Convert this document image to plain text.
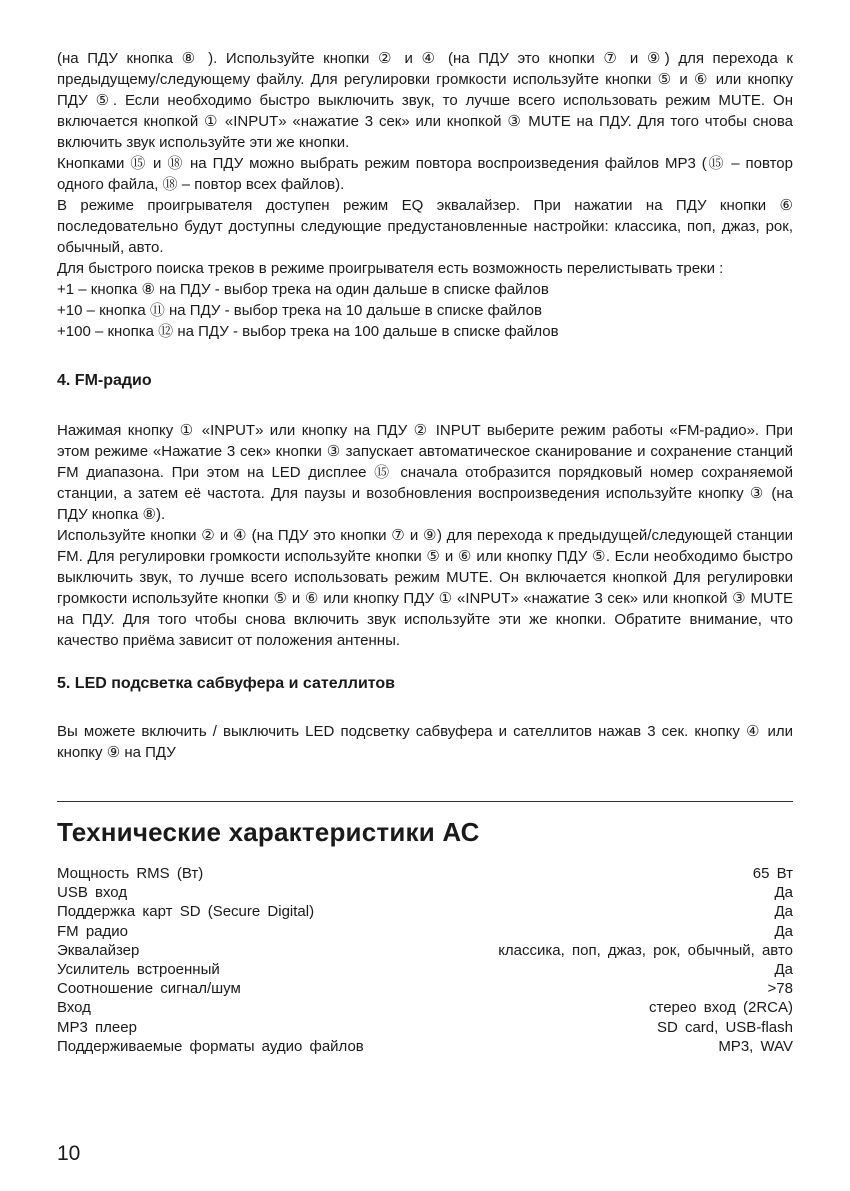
(на ПДУ кнопка ⑧ ). Используйте кнопки ② и ④ (на ПДУ это кнопки ⑦ и ⑨) для перехода к предыдущему/следующему файлу. Для регулировки громкости используйте кнопки ⑤ и ⑥ или кнопку ПДУ ⑤. Если необходимо быстро выключить звук, то лучше всего использовать режим MUTE. Он включается кнопкой ① «INPUT» «нажатие 3 сек» или кнопкой ③ MUTE на ПДУ. Для того чтобы снова включить звук используйте эти же кнопки.

Кнопками ⑮ и ⑱ на ПДУ можно выбрать режим повтора воспроизведения файлов MP3 (⑮ – повтор одного файла, ⑱ – повтор всех файлов).

В режиме проигрывателя доступен режим EQ эквалайзер. При нажатии на ПДУ кнопки ⑥ последовательно будут доступны следующие предустановленные настройки: классика, поп, джаз, рок, обычный, авто.

Для быстрого поиска треков в режиме проигрывателя есть возможность перелистывать треки :

+1 – кнопка ⑧ на ПДУ - выбор трека на один дальше в списке файлов
+10 – кнопка ⑪ на ПДУ - выбор трека на 10 дальше в списке файлов
+100 – кнопка ⑫ на ПДУ - выбор трека на 100 дальше в списке файлов
4. FM-радио

Нажимая кнопку ① «INPUT» или кнопку на ПДУ ② INPUT выберите режим работы «FM-радио». При этом режиме «Нажатие 3 сек» кнопки ③ запускает автоматическое сканирование и сохранение станций FM диапазона. При этом на LED дисплее ⑮ сначала отобразится порядковый номер сохраняемой станции, а затем её частота. Для паузы и возобновления воспроизведения используйте кнопку ③ (на ПДУ кнопка ⑧).

Используйте кнопки ② и ④ (на ПДУ это кнопки ⑦ и ⑨) для перехода к предыдущей/следующей станции FM. Для регулировки громкости используйте кнопки ⑤ и ⑥ или кнопку ПДУ ⑤. Если необходимо быстро выключить звук, то лучше всего использовать режим MUTE. Он включается кнопкой Для регулировки громкости используйте кнопки ⑤ и ⑥ или кнопку ПДУ ① «INPUT» «нажатие 3 сек» или кнопкой ③ MUTE на ПДУ. Для того чтобы снова включить звук используйте эти же кнопки. Обратите внимание, что качество приёма зависит от положения антенны.

5. LED подсветка сабвуфера и сателлитов

Вы можете включить / выключить LED подсветку сабвуфера и сателлитов нажав 3 сек. кнопку ④ или кнопку ⑨ на ПДУ

Технические характеристики АС
Мощность RMS (Вт)	65 Вт
USB вход	Да
Поддержка карт SD (Secure Digital)	Да
FM радио	Да
Эквалайзер	классика, поп, джаз, рок, обычный, авто
Усилитель встроенный	Да
Соотношение сигнал/шум	>78
Вход	стерео вход (2RCA)
MP3 плеер	SD card, USB-flash
Поддерживаемые форматы аудио файлов	MP3, WAV
10
